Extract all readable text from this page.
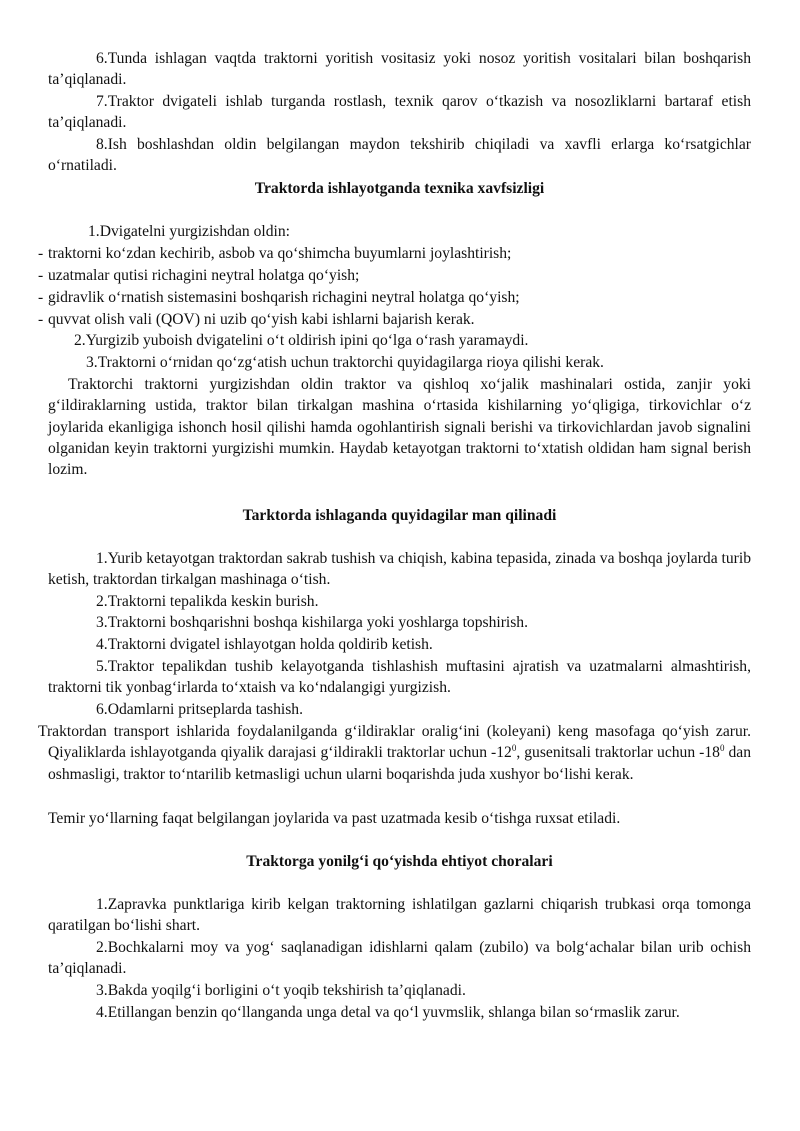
6.Tunda ishlagan vaqtda traktorni yoritish vositasiz yoki nosoz yoritish vositalari bilan boshqarish ta’qiqlanadi.

7.Traktor dvigateli ishlab turganda rostlash, texnik qarov o‘tkazish va nosozliklarni bartaraf etish ta’qiqlanadi.

8.Ish boshlashdan oldin belgilangan maydon tekshirib chiqiladi va xavfli erlarga ko‘rsatgichlar o‘rnatiladi.

Traktorda ishlayotganda texnika xavfsizligi

1.Dvigatelni yurgizishdan oldin:

- traktorni ko‘zdan kechirib, asbob va qo‘shimcha buyumlarni joylashtirish;

- uzatmalar qutisi richagini neytral holatga qo‘yish;

- gidravlik o‘rnatish sistemasini boshqarish richagini neytral holatga qo‘yish;

- quvvat olish vali (QOV) ni uzib qo‘yish kabi ishlarni bajarish kerak.

2.Yurgizib yuboish dvigatelini o‘t oldirish ipini qo‘lga o‘rash yaramaydi.

3.Traktorni o‘rnidan qo‘zg‘atish uchun traktorchi quyidagilarga rioya qilishi kerak.

Traktorchi traktorni yurgizishdan oldin traktor va qishloq xo‘jalik mashinalari ostida, zanjir yoki g‘ildiraklarning ustida, traktor bilan tirkalgan mashina o‘rtasida kishilarning yo‘qligiga, tirkovichlar o‘z joylarida ekanligiga ishonch hosil qilishi hamda ogohlantirish signali berishi va tirkovichlardan javob signalini olganidan keyin traktorni yurgizishi mumkin. Haydab ketayotgan traktorni to‘xtatish oldidan ham signal berish lozim.

Tarktorda ishlaganda quyidagilar man qilinadi

1.Yurib ketayotgan traktordan sakrab tushish va chiqish, kabina tepasida, zinada va boshqa joylarda turib ketish, traktordan tirkalgan mashinaga o‘tish.

2.Traktorni tepalikda keskin burish.

3.Traktorni boshqarishni boshqa kishilarga yoki yoshlarga topshirish.

4.Traktorni dvigatel ishlayotgan holda qoldirib ketish.

5.Traktor tepalikdan tushib kelayotganda tishlashish muftasini ajratish va uzatmalarni almashtirish, traktorni tik yonbag‘irlarda to‘xtaish va ko‘ndalangigi yurgizish.

6.Odamlarni pritseplarda tashish.

Traktordan transport ishlarida foydalanilganda g‘ildiraklar oralig‘ini (koleyani) keng masofaga qo‘yish zarur. Qiyaliklarda ishlayotganda qiyalik darajasi g‘ildirakli traktorlar uchun $-12^0$, gusenitsali traktorlar uchun $-18^0$ dan oshmasligi, traktor to‘ntarilib ketmasligi uchun ularni boqarishda juda xushyor bo‘lishi kerak.

Temir yo‘llarning faqat belgilangan joylarida va past uzatmada kesib o‘tishga ruxsat etiladi.

Traktorga yonilg‘i qo‘yishda ehtiyot choralari

1.Zapravka punktlariga kirib kelgan traktorning ishlatilgan gazlarni chiqarish trubkasi orqa tomonga qaratilgan bo‘lishi shart.

2.Bochkalarni moy va yog‘ saqlanadigan idishlarni qalam (zubilo) va bolg‘achalar bilan urib ochish ta’qiqlanadi.

3.Bakda yoqilg‘i borligini o‘t yoqib tekshirish ta’qiqlanadi.

4.Etillangan benzin qo‘llanganda unga detal va qo‘l yuvmslik, shlanga bilan so‘rmaslik zarur.
